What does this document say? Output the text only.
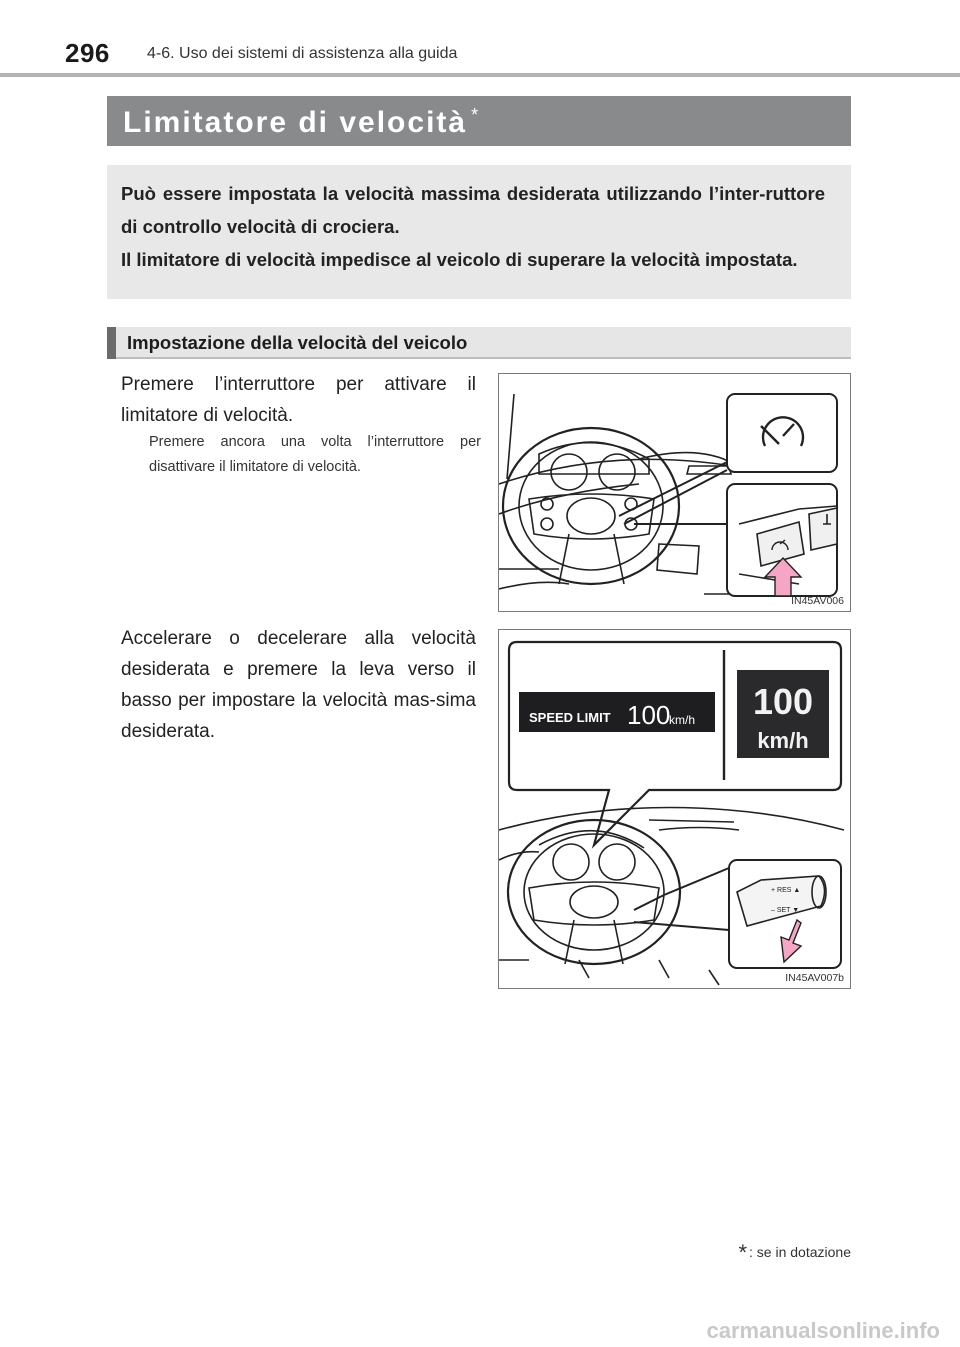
296 4-6. Uso dei sistemi di assistenza alla guida
Limitatore di velocità *

Può essere impostata la velocità massima desiderata utilizzando l’inter-ruttore di controllo velocità di crociera.

Il limitatore di velocità impedisce al veicolo di superare la velocità impostata.

Impostazione della velocità del veicolo
Premere l’interruttore per attivare il limitatore di velocità.
Premere ancora una volta l’interruttore per disattivare il limitatore di velocità.
Accelerare o decelerare alla velocità desiderata e premere la leva verso il basso per impostare la velocità mas-sima desiderata.
IN45AV006
SPEED LIMIT 100
km/h 100
km/h
+ RES ▲
– SET ▼
IN45AV007b
* : se in dotazione
carmanualsonline.info
